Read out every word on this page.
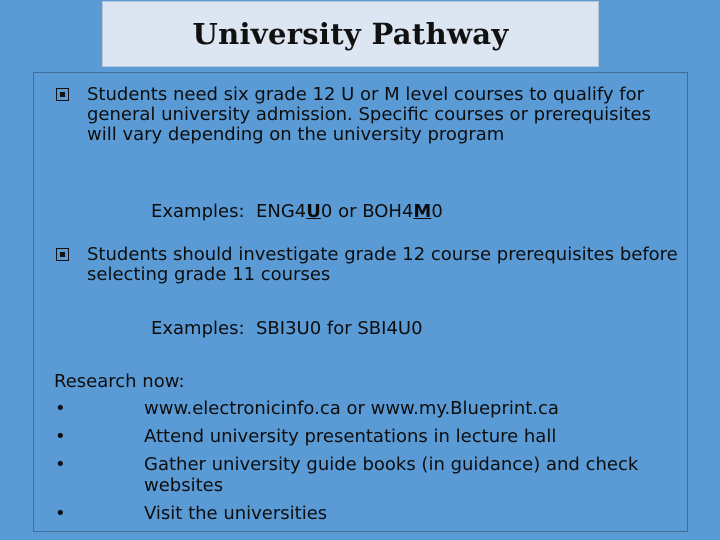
University Pathway
Students need six grade 12 U or M level courses to qualify for general university admission. Specific courses or prerequisites will vary depending on the university program
Examples: ENG4U0 or BOH4M0
Students should investigate grade 12 course prerequisites before selecting grade 11 courses
Examples: SBI3U0 for SBI4U0
Research now:
•	www.electronicinfo.ca or www.my.Blueprint.ca
•	Attend university presentations in lecture hall
•	Gather university guide books (in guidance) and check websites
•	Visit the universities
